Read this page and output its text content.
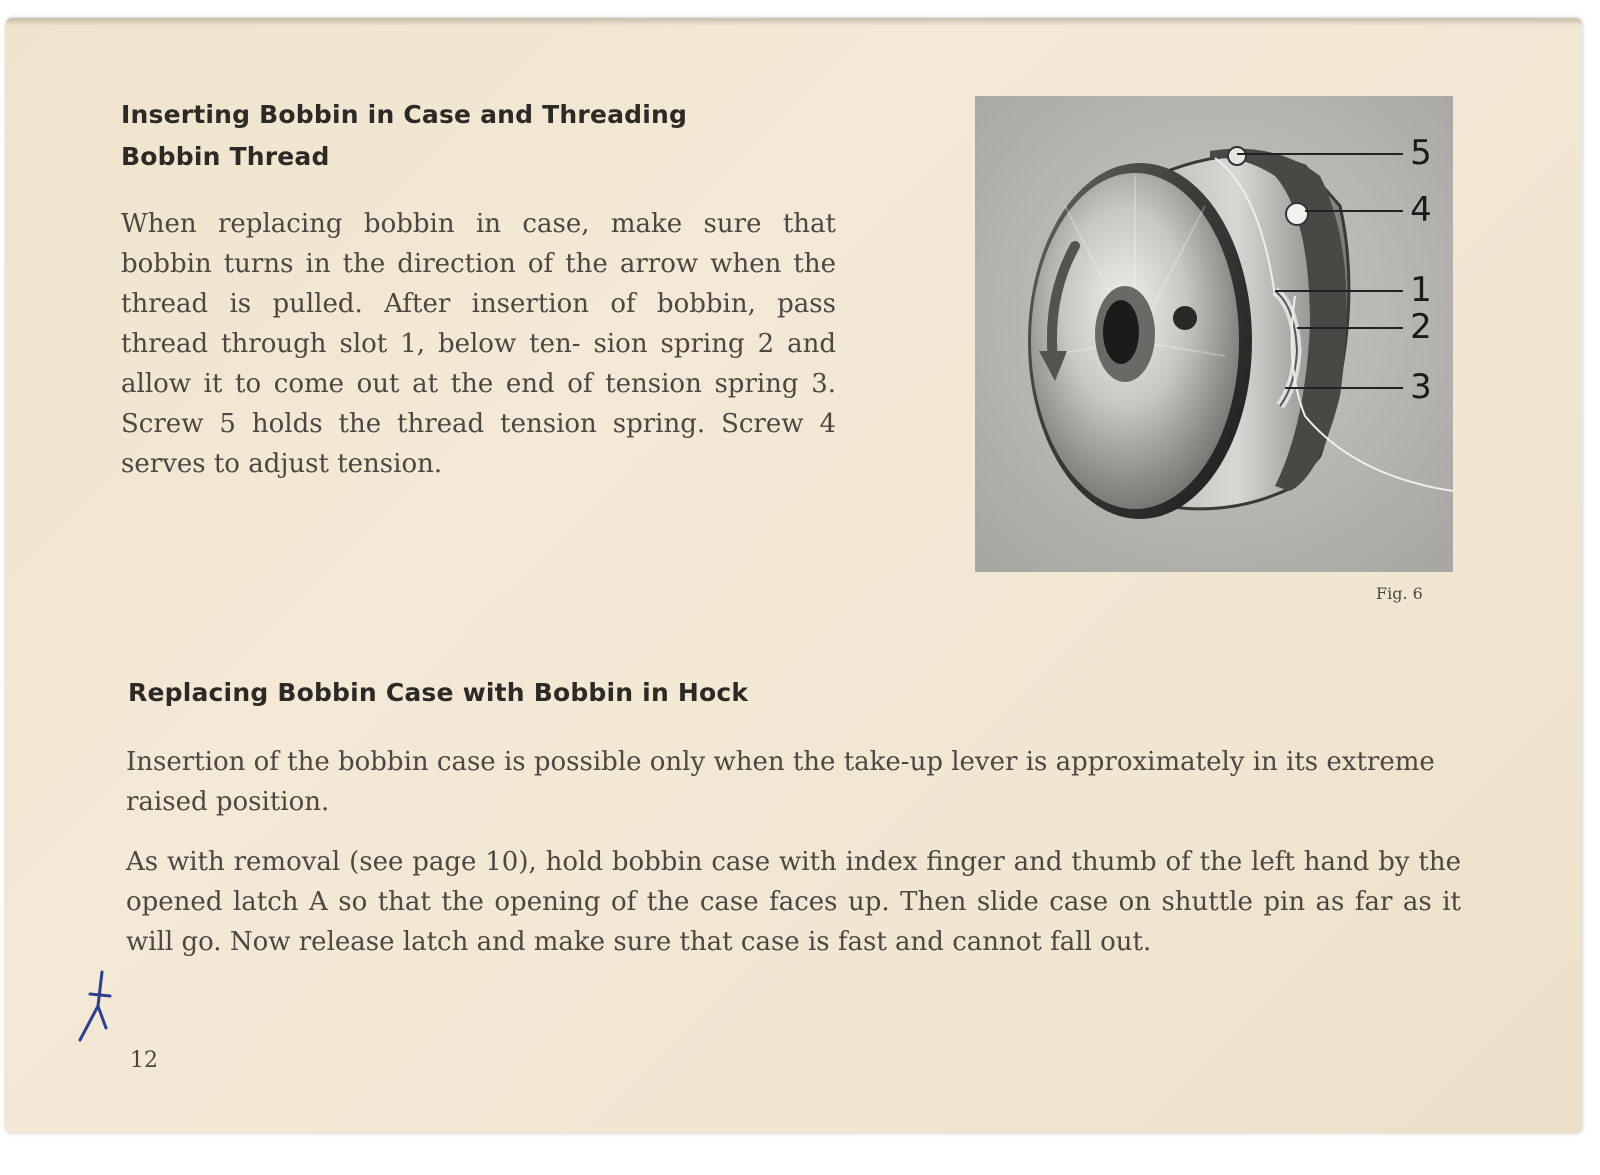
Inserting Bobbin in Case and Threading
Bobbin Thread
When replacing bobbin in case, make sure that bobbin turns in the direction of the arrow when the thread is pulled. After insertion of bobbin, pass thread through slot 1, below ten- sion spring 2 and allow it to come out at the end of tension spring 3. Screw 5 holds the thread tension spring. Screw 4 serves to adjust tension.
5
4
1
2
3
Fig. 6
Replacing Bobbin Case with Bobbin in Hock
Insertion of the bobbin case is possible only when the take-up lever is approximately in its extreme raised position.
As with removal (see page 10), hold bobbin case with index finger and thumb of the left hand by the opened latch A so that the opening of the case faces up. Then slide case on shuttle pin as far as it will go. Now release latch and make sure that case is fast and cannot fall out.
12
